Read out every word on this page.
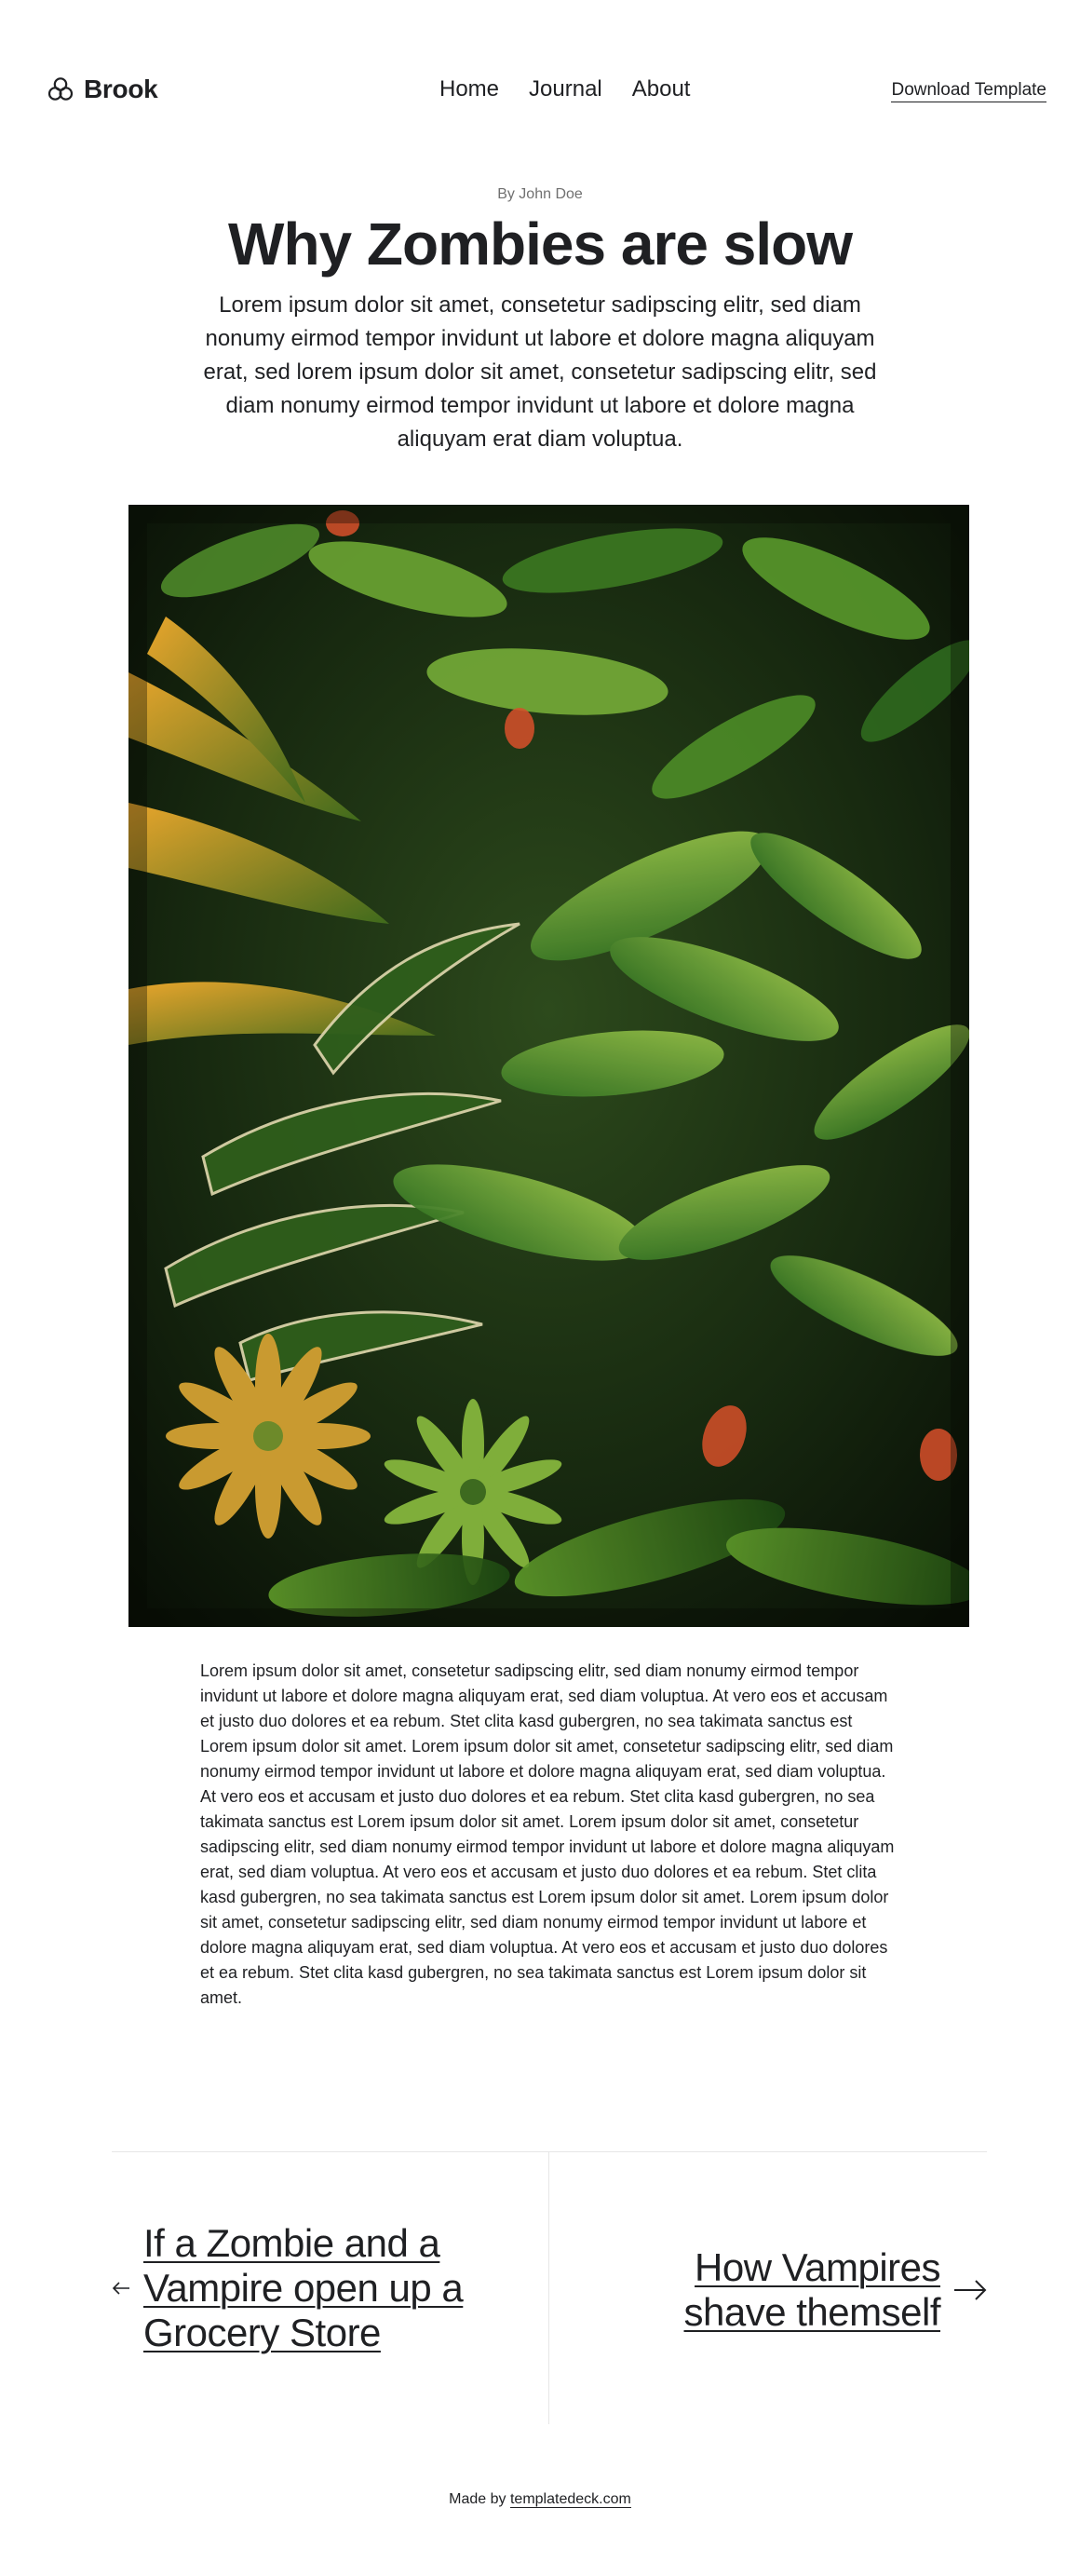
Brook	Home Journal About	Download Template
By John Doe
Why Zombies are slow

Lorem ipsum dolor sit amet, consetetur sadipscing elitr, sed diam nonumy eirmod tempor invidunt ut labore et dolore magna aliquyam erat, sed lorem ipsum dolor sit amet, consetetur sadipscing elitr, sed diam nonumy eirmod tempor invidunt ut labore et dolore magna aliquyam erat diam voluptua.

Lorem ipsum dolor sit amet, consetetur sadipscing elitr, sed diam nonumy eirmod tempor invidunt ut labore et dolore magna aliquyam erat, sed diam voluptua. At vero eos et accusam et justo duo dolores et ea rebum. Stet clita kasd gubergren, no sea takimata sanctus est Lorem ipsum dolor sit amet. Lorem ipsum dolor sit amet, consetetur sadipscing elitr, sed diam nonumy eirmod tempor invidunt ut labore et dolore magna aliquyam erat, sed diam voluptua. At vero eos et accusam et justo duo dolores et ea rebum. Stet clita kasd gubergren, no sea takimata sanctus est Lorem ipsum dolor sit amet. Lorem ipsum dolor sit amet, consetetur sadipscing elitr, sed diam nonumy eirmod tempor invidunt ut labore et dolore magna aliquyam erat, sed diam voluptua. At vero eos et accusam et justo duo dolores et ea rebum. Stet clita kasd gubergren, no sea takimata sanctus est Lorem ipsum dolor sit amet. Lorem ipsum dolor sit amet, consetetur sadipscing elitr, sed diam nonumy eirmod tempor invidunt ut labore et dolore magna aliquyam erat, sed diam voluptua. At vero eos et accusam et justo duo dolores et ea rebum. Stet clita kasd gubergren, no sea takimata sanctus est Lorem ipsum dolor sit amet.

If a Zombie and a Vampire open up a Grocery Store
How Vampires shave themself
Made by templatedeck.com
